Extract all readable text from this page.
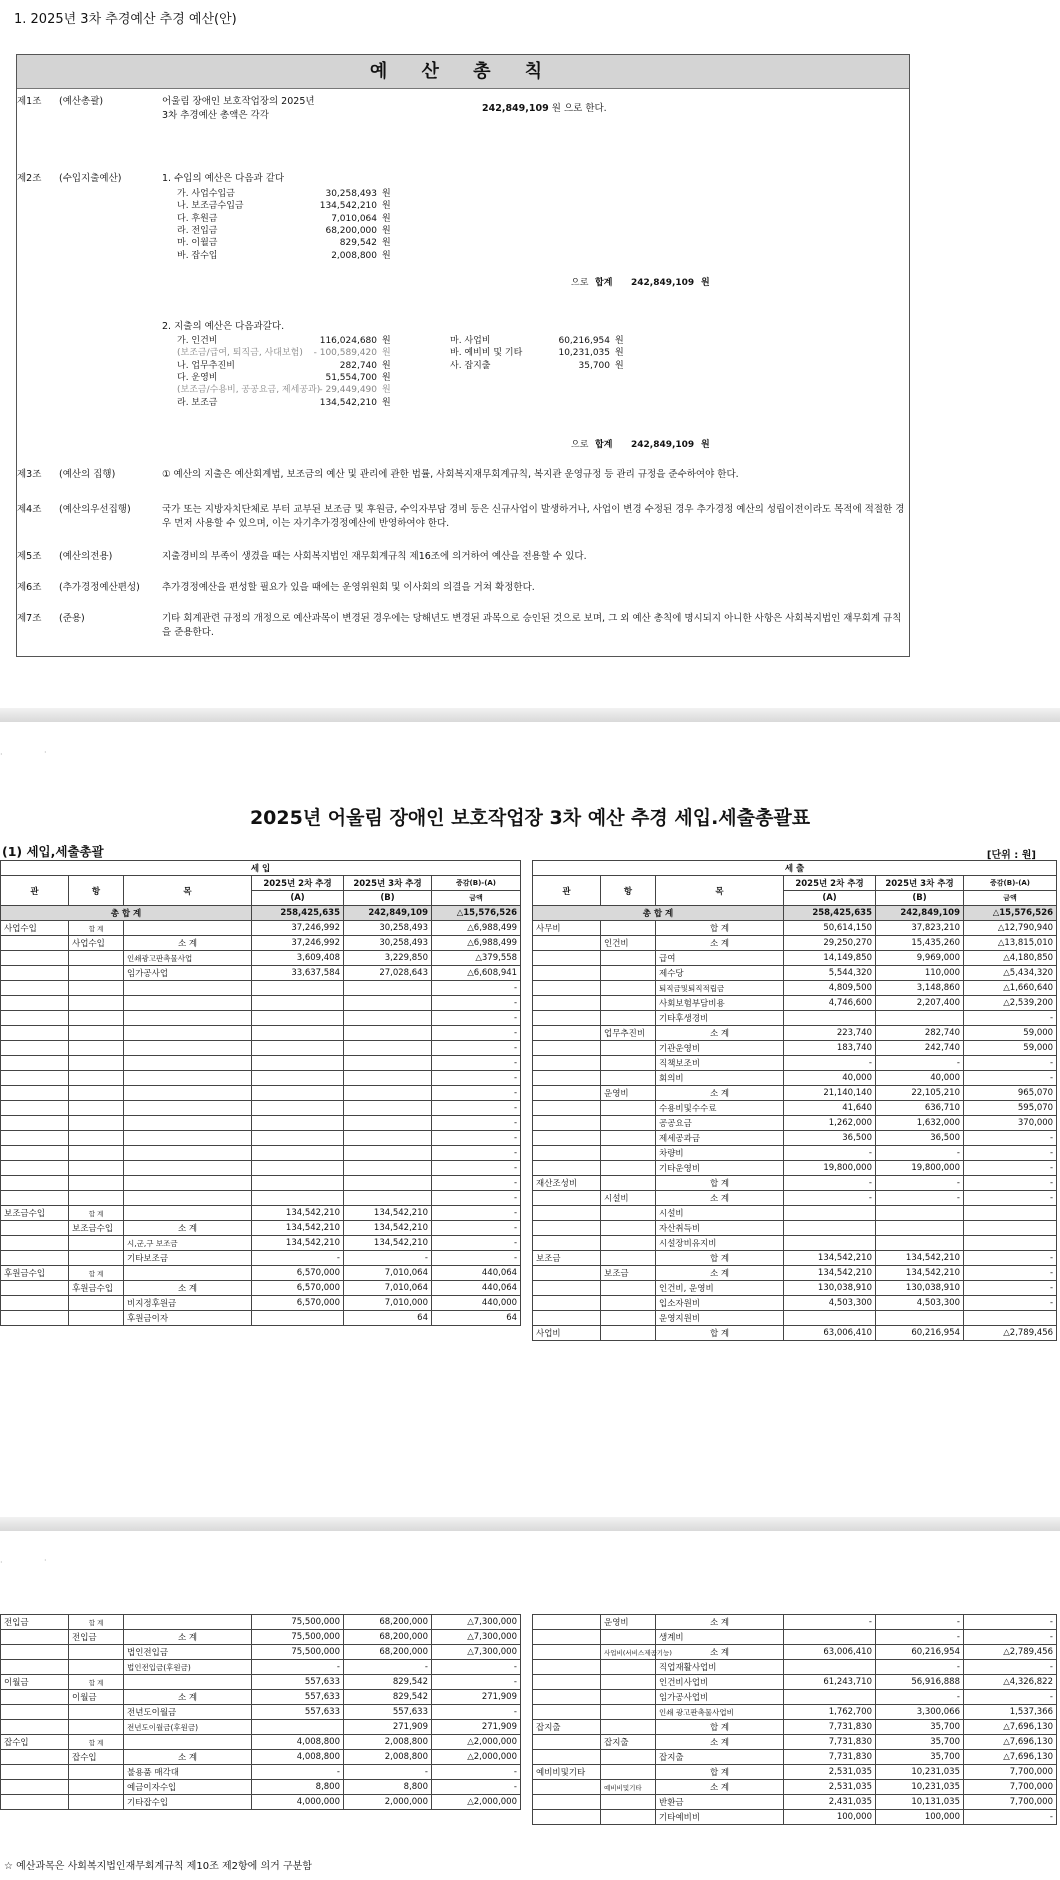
1. 2025년 3차 추경예산 추경 예산(안)
예 산 총 칙
제1조	(예산총괄)	어울림 장애인 보호작업장의 2025년
3차 추경예산 총액은 각각
242,849,109 원 으로 한다.
제2조	(수입지출예산)	1. 수입의 예산은 다음과 같다
으로 합계 242,849,109 원
2. 지출의 예산은 다음과갈다.
으로 합계 242,849,109 원
제3조	(예산의 집행)	① 예산의 지출은 예산회계법, 보조금의 예산 및 관리에 관한 법률, 사회복지재무회계규칙, 복지관 운영규정 등 관리 규정을 준수하여야 한다.
제4조	(예산의우선집행)	국가 또는 지방자치단체로 부터 교부된 보조금 및 후원금, 수익자부담 경비 등은 신규사업이 발생하거나, 사업이 변경 수정된 경우 추가경정 예산의 성립이전이라도 목적에 적절한 경우 먼저 사용할 수 있으며, 이는 자기추가경정예산에 반영하여야 한다.
제5조	(예산의전용)	지출경비의 부족이 생겼을 때는 사회복지법인 재무회계규칙 제16조에 의거하여 예산을 전용할 수 있다.
제6조	(추가경정예산편성)	추가경정예산을 편성할 필요가 있을 때에는 운영위원회 및 이사회의 의결을 거쳐 확정한다.
제7조	(준용)	기타 회계관련 규정의 개정으로 예산과목이 변경된 경우에는 당해년도 변경된 과목으로 승인된 것으로 보며, 그 외 예산 총칙에 명시되지 아니한 사항은 사회복지법인 재무회계 규칙을 준용한다.
가. 사업수입금	30,258,493 원
나. 보조금수입금	134,542,210 원
다. 후원금	7,010,064 원
라. 전입금	68,200,000 원
마. 이월금	829,542 원
바. 잡수입	2,008,800 원
가. 인건비	116,024,680 원
(보조금/급여, 퇴직금, 사대보험)	- 100,589,420 원
나. 업무추진비	282,740 원
다. 운영비	51,554,700 원
(보조금/수용비, 공공요금, 제세공과) - 29,449,490 원
라. 보조금	134,542,210 원
마. 사업비	60,216,954 원
바. 예비비 및 기타	10,231,035 원
사. 잡지출	35,700 원
·	·
2025년 어울림 장애인 보호작업장 3차 예산 추경 세입.세출총괄표
(1) 세입,세출총괄	[단위 : 원]
세 입					
관	항	목	2025년 2차 추경	2025년 3차 추경	증감(B)-(A)
			(A)	(B)	금액
총 합 계			258,425,635	242,849,109	△15,576,526
사업수입	합 계		37,246,992	30,258,493	△6,988,499
	사업수입	소 계	37,246,992	30,258,493	△6,988,499
		인쇄광고판촉물사업	3,609,408	3,229,850	△379,558
		임가공사업	33,637,584	27,028,643	△6,608,941
					-
					-
					-
					-
					-
					-
					-
					-
					-
					-
					-
					-
					-
					-
					-
보조금수입	합 계		134,542,210	134,542,210	-
	보조금수입	소 계	134,542,210	134,542,210	-
		시,군,구 보조금	134,542,210	134,542,210	-
		기타보조금	-	-	-
후원금수입	합 계		6,570,000	7,010,064	440,064
	후원금수입	소 계	6,570,000	7,010,064	440,064
		비지정후원금	6,570,000	7,010,000	440,000
		후원금이자		64	64
세 출					
관	항	목	2025년 2차 추경	2025년 3차 추경	증감(B)-(A)
			(A)	(B)	금액
총 합 계			258,425,635	242,849,109	△15,576,526
사무비		합 계	50,614,150	37,823,210	△12,790,940
	인건비	소 계	29,250,270	15,435,260	△13,815,010
		급여	14,149,850	9,969,000	△4,180,850
		제수당	5,544,320	110,000	△5,434,320
		퇴직금및퇴직적립금	4,809,500	3,148,860	△1,660,640
		사회보험부담비용	4,746,600	2,207,400	△2,539,200
		기타후생경비			-
	업무추진비	소 계	223,740	282,740	59,000
		기관운영비	183,740	242,740	59,000
		직책보조비	-	-	-
		회의비	40,000	40,000	-
	운영비	소 계	21,140,140	22,105,210	965,070
		수용비및수수료	41,640	636,710	595,070
		공공요금	1,262,000	1,632,000	370,000
		제세공과금	36,500	36,500	-
		차량비	-	-	-
		기타운영비	19,800,000	19,800,000	-
재산조성비		합 계	-	-	-
	시설비	소 계	-	-	-
		시설비			
		자산취득비			
		시설장비유지비			
보조금		합 계	134,542,210	134,542,210	-
	보조금	소 계	134,542,210	134,542,210	-
		인건비, 운영비	130,038,910	130,038,910	-
		입소자원비	4,503,300	4,503,300	-
		운영지원비			
사업비		합 계	63,006,410	60,216,954	△2,789,456
·	·
전입금	합 계		75,500,000	68,200,000	△7,300,000
	전입금	소 계	75,500,000	68,200,000	△7,300,000
		법인전입금	75,500,000	68,200,000	△7,300,000
		법인전입금(후원금)	-	-	-
이월금	합 계		557,633	829,542	-
	이월금	소 계	557,633	829,542	271,909
		전년도이월금	557,633	557,633	-
		전년도이월금(후원금)		271,909	271,909
잡수입	합 계		4,008,800	2,008,800	△2,000,000
	잡수입	소 계	4,008,800	2,008,800	△2,000,000
		불용품 매각대	-	-	-
		예금이자수입	8,800	8,800	-
		기타잡수입	4,000,000	2,000,000	△2,000,000
	운영비	소 계	-	-	-
		생계비		-	-
	사업비(서비스제공기능)	소 계	63,006,410	60,216,954	△2,789,456
		직업재활사업비		-	-
		인건비사업비	61,243,710	56,916,888	△4,326,822
		임가공사업비		-	-
		인쇄 광고판촉물사업비	1,762,700	3,300,066	1,537,366
잡지출		합 계	7,731,830	35,700	△7,696,130
	잡지출	소 계	7,731,830	35,700	△7,696,130
		잡지출	7,731,830	35,700	△7,696,130
예비비및기타		합 계	2,531,035	10,231,035	7,700,000
	예비비및기타	소 계	2,531,035	10,231,035	7,700,000
		반환금	2,431,035	10,131,035	7,700,000
		기타예비비	100,000	100,000	-
☆ 예산과목은 사회복지법인재무회계규칙 제10조 제2항에 의거 구분함
